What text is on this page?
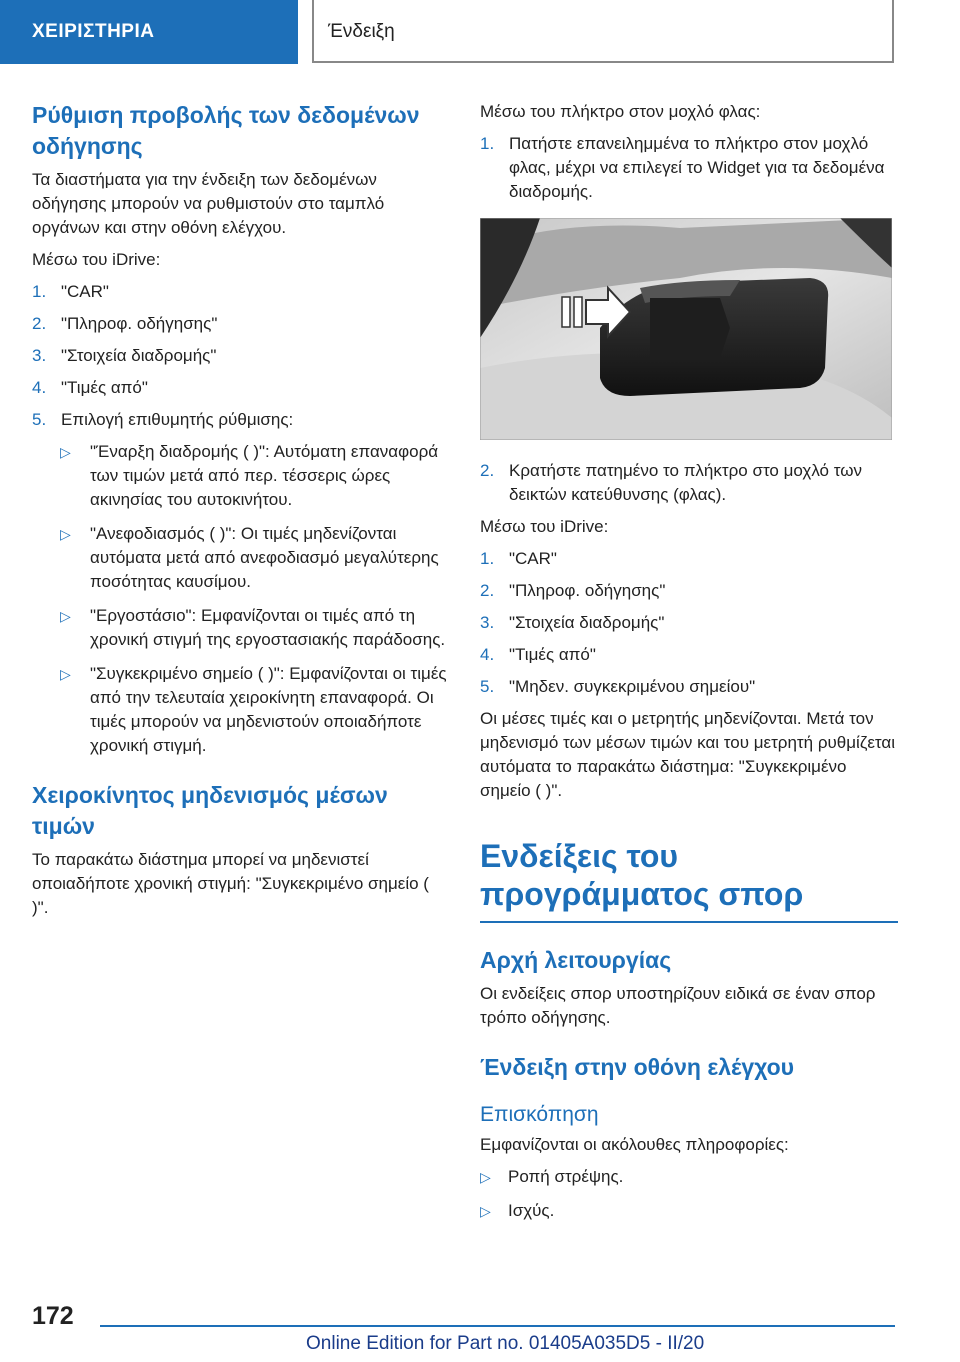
ΧΕΙΡΙΣΤΗΡΙΑ	Ένδειξη
Ρύθμιση προβολής των δεδομένων οδήγησης

Τα διαστήματα για την ένδειξη των δεδομένων οδήγησης μπορούν να ρυθμιστούν στο ταμπλό οργάνων και στην οθόνη ελέγχου.

Μέσω του iDrive:

1. "CAR"
2. "Πληροφ. οδήγησης"
3. "Στοιχεία διαδρομής"
4. "Τιμές από"
5. Επιλογή επιθυμητής ρύθμισης:
▷ "Έναρξη διαδρομής ( )": Αυτόματη επαναφορά των τιμών μετά από περ. τέσσερις ώρες ακινησίας του αυτοκινήτου.
▷ "Ανεφοδιασμός ( )": Οι τιμές μηδενίζονται αυτόματα μετά από ανεφοδιασμό μεγαλύτερης ποσότητας καυσίμου.
▷ "Εργοστάσιο": Εμφανίζονται οι τιμές από τη χρονική στιγμή της εργοστασιακής παράδοσης.
▷ "Συγκεκριμένο σημείο ( )": Εμφανίζονται οι τιμές από την τελευταία χειροκίνητη επαναφορά. Οι τιμές μπορούν να μηδενιστούν οποιαδήποτε χρονική στιγμή.
Χειροκίνητος μηδενισμός μέσων τιμών

Το παρακάτω διάστημα μπορεί να μηδενιστεί οποιαδήποτε χρονική στιγμή: "Συγκεκριμένο σημείο ( )".

Μέσω του πλήκτρο στον μοχλό φλας:

1. Πατήστε επανειλημμένα το πλήκτρο στον μοχλό φλας, μέχρι να επιλεγεί το Widget για τα δεδομένα διαδρομής.
2. Κρατήστε πατημένο το πλήκτρο στο μοχλό των δεικτών κατεύθυνσης (φλας).

Μέσω του iDrive:

1. "CAR"
2. "Πληροφ. οδήγησης"
3. "Στοιχεία διαδρομής"
4. "Τιμές από"
5. "Μηδεν. συγκεκριμένου σημείου"

Οι μέσες τιμές και ο μετρητής μηδενίζονται. Μετά τον μηδενισμό των μέσων τιμών και του μετρητή ρυθμίζεται αυτόματα το παρακάτω διάστημα: "Συγκεκριμένο σημείο ( )".

Ενδείξεις του προγράμματος σπορ
Αρχή λειτουργίας

Οι ενδείξεις σπορ υποστηρίζουν ειδικά σε έναν σπορ τρόπο οδήγησης.

Ένδειξη στην οθόνη ελέγχου
Επισκόπηση

Εμφανίζονται οι ακόλουθες πληροφορίες:

▷ Ροπή στρέψης.
▷ Ισχύς.
172
Online Edition for Part no. 01405A035D5 - II/20
